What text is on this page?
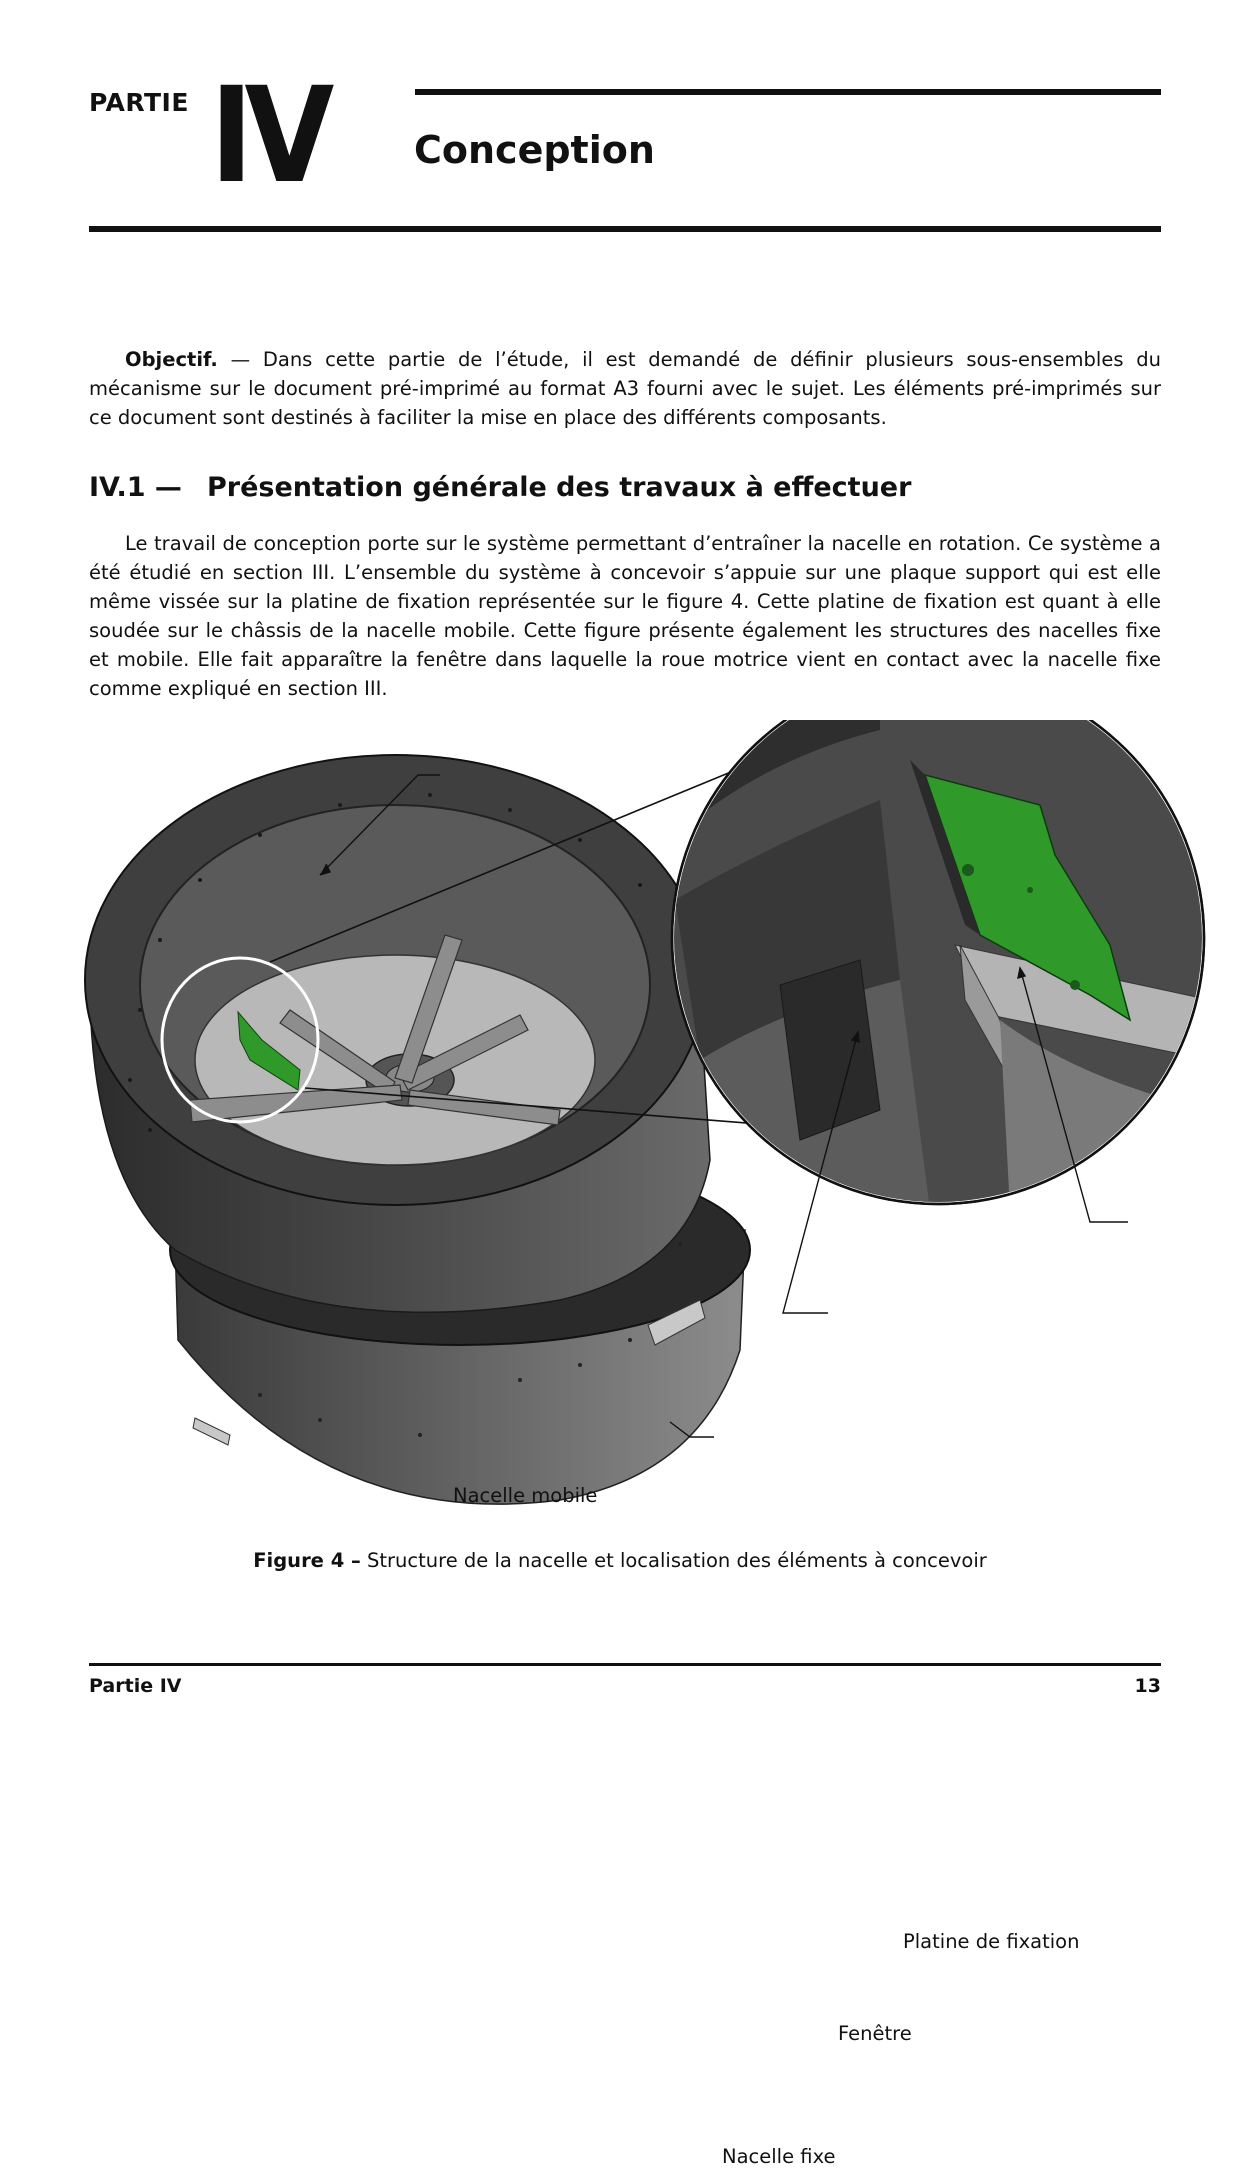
PARTIE IV Conception
Objectif. — Dans cette partie de l’étude, il est demandé de définir plusieurs sous-ensembles du mécanisme sur le document pré-imprimé au format A3 fourni avec le sujet. Les éléments pré-imprimés sur ce document sont destinés à faciliter la mise en place des différents composants.
IV.1 — Présentation générale des travaux à effectuer
Le travail de conception porte sur le système permettant d’entraîner la nacelle en rotation. Ce système a été étudié en section III. L’ensemble du système à concevoir s’appuie sur une plaque support qui est elle même vissée sur la platine de fixation représentée sur le figure 4. Cette platine de fixation est quant à elle soudée sur le châssis de la nacelle mobile. Cette figure présente également les structures des nacelles fixe et mobile. Elle fait apparaître la fenêtre dans laquelle la roue motrice vient en contact avec la nacelle fixe comme expliqué en section III.
Nacelle mobile
Platine de fixation
Fenêtre
Nacelle fixe
Figure 4 – Structure de la nacelle et localisation des éléments à concevoir
Partie IV	13
